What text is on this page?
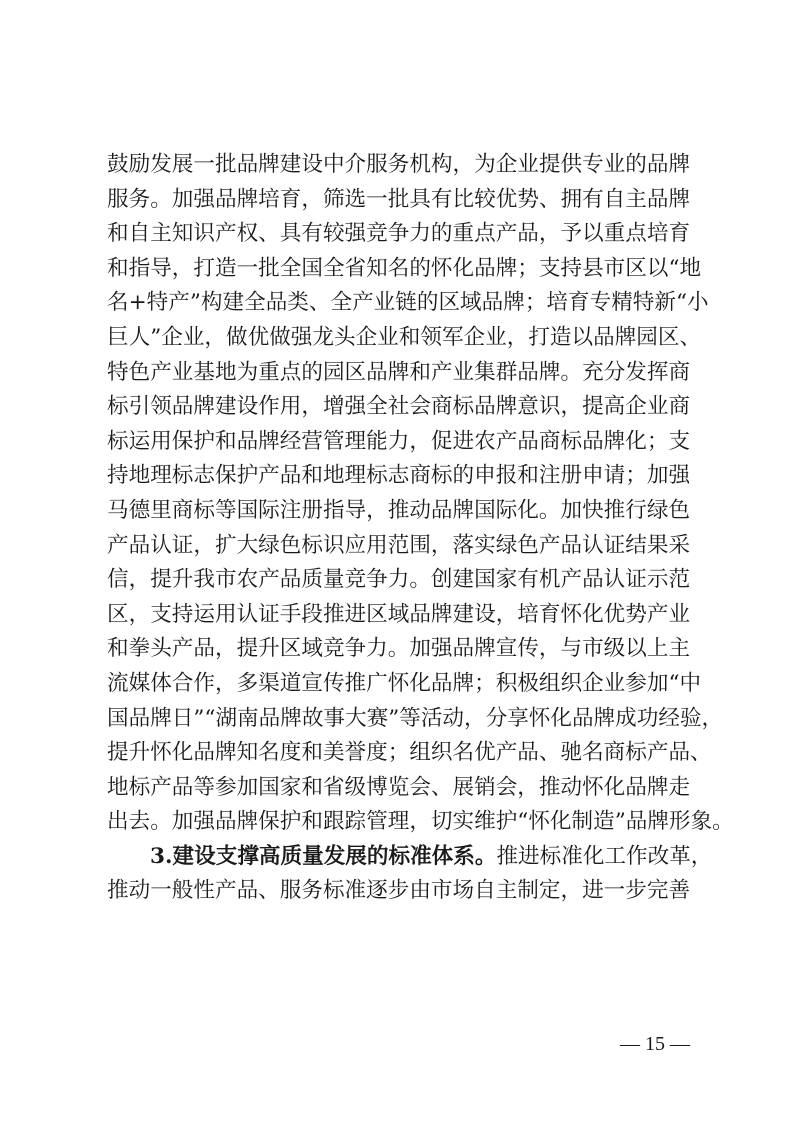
鼓励发展一批品牌建设中介服务机构，为企业提供专业的品牌
服务。加强品牌培育，筛选一批具有比较优势、拥有自主品牌
和自主知识产权、具有较强竞争力的重点产品，予以重点培育
和指导，打造一批全国全省知名的怀化品牌；支持县市区以“地
名+特产”构建全品类、全产业链的区域品牌；培育专精特新“小
巨人”企业，做优做强龙头企业和领军企业，打造以品牌园区、
特色产业基地为重点的园区品牌和产业集群品牌。充分发挥商
标引领品牌建设作用，增强全社会商标品牌意识，提高企业商
标运用保护和品牌经营管理能力，促进农产品商标品牌化；支
持地理标志保护产品和地理标志商标的申报和注册申请；加强
马德里商标等国际注册指导，推动品牌国际化。加快推行绿色
产品认证，扩大绿色标识应用范围，落实绿色产品认证结果采
信，提升我市农产品质量竞争力。创建国家有机产品认证示范
区，支持运用认证手段推进区域品牌建设，培育怀化优势产业
和拳头产品，提升区域竞争力。加强品牌宣传，与市级以上主
流媒体合作，多渠道宣传推广怀化品牌；积极组织企业参加“中
国品牌日”“湖南品牌故事大赛”等活动，分享怀化品牌成功经验，
提升怀化品牌知名度和美誉度；组织名优产品、驰名商标产品、
地标产品等参加国家和省级博览会、展销会，推动怀化品牌走
出去。加强品牌保护和跟踪管理，切实维护“怀化制造”品牌形象。
3.建设支撑高质量发展的标准体系。推进标准化工作改革，
推动一般性产品、服务标准逐步由市场自主制定，进一步完善
— 15 —
